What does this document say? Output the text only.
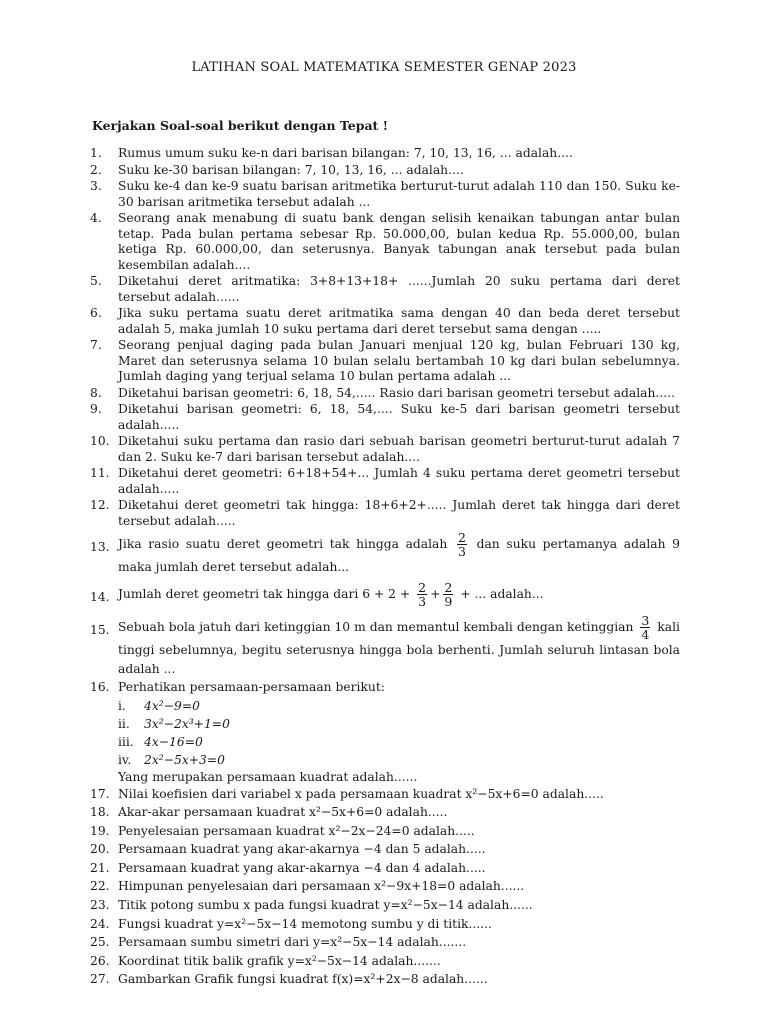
LATIHAN SOAL MATEMATIKA SEMESTER GENAP 2023
Kerjakan Soal-soal berikut dengan Tepat !
1. Rumus umum suku ke-n dari barisan bilangan: 7, 10, 13, 16, ... adalah....
2. Suku ke-30 barisan bilangan: 7, 10, 13, 16, ... adalah....
3. Suku ke-4 dan ke-9 suatu barisan aritmetika berturut-turut adalah 110 dan 150. Suku ke-30 barisan aritmetika tersebut adalah ...
4. Seorang anak menabung di suatu bank dengan selisih kenaikan tabungan antar bulan tetap. Pada bulan pertama sebesar Rp. 50.000,00, bulan kedua Rp. 55.000,00, bulan ketiga Rp. 60.000,00, dan seterusnya. Banyak tabungan anak tersebut pada bulan kesembilan adalah....
5. Diketahui deret aritmatika: 3+8+13+18+ ......Jumlah 20 suku pertama dari deret tersebut adalah......
6. Jika suku pertama suatu deret aritmatika sama dengan 40 dan beda deret tersebut adalah 5, maka jumlah 10 suku pertama dari deret tersebut sama dengan .....
7. Seorang penjual daging pada bulan Januari menjual 120 kg, bulan Februari 130 kg, Maret dan seterusnya selama 10 bulan selalu bertambah 10 kg dari bulan sebelumnya. Jumlah daging yang terjual selama 10 bulan pertama adalah ...
8. Diketahui barisan geometri: 6, 18, 54,..... Rasio dari barisan geometri tersebut adalah.....
9. Diketahui barisan geometri: 6, 18, 54,.... Suku ke-5 dari barisan geometri tersebut adalah.....
10. Diketahui suku pertama dan rasio dari sebuah barisan geometri berturut-turut adalah 7 dan 2. Suku ke-7 dari barisan tersebut adalah....
11. Diketahui deret geometri: 6+18+54+... Jumlah 4 suku pertama deret geometri tersebut adalah.....
12. Diketahui deret geometri tak hingga: 18+6+2+..... Jumlah deret tak hingga dari deret tersebut adalah.....
13. Jika rasio suatu deret geometri tak hingga adalah $\frac{2}{3}$ dan suku pertamanya adalah 9 maka jumlah deret tersebut adalah...
14. Jumlah deret geometri tak hingga dari $6 + 2 + \frac{2}{3} + \frac{2}{9}$ + ... adalah...
15. Sebuah bola jatuh dari ketinggian 10 m dan memantul kembali dengan ketinggian $\frac{3}{4}$ kali tinggi sebelumnya, begitu seterusnya hingga bola berhenti. Jumlah seluruh lintasan bola adalah ...
16. Perhatikan persamaan-persamaan berikut:
i. 4x²−9=0
ii. 3x²−2x³+1=0
iii. 4x−16=0
iv. 2x²−5x+3=0
Yang merupakan persamaan kuadrat adalah......
17. Nilai koefisien dari variabel x pada persamaan kuadrat x²−5x+6=0 adalah.....
18. Akar-akar persamaan kuadrat x²−5x+6=0 adalah.....
19. Penyelesaian persamaan kuadrat x²−2x−24=0 adalah.....
20. Persamaan kuadrat yang akar-akarnya −4 dan 5 adalah.....
21. Persamaan kuadrat yang akar-akarnya −4 dan 4 adalah.....
22. Himpunan penyelesaian dari persamaan x²−9x+18=0 adalah......
23. Titik potong sumbu x pada fungsi kuadrat y=x²−5x−14 adalah......
24. Fungsi kuadrat y=x²−5x−14 memotong sumbu y di titik......
25. Persamaan sumbu simetri dari y=x²−5x−14 adalah.......
26. Koordinat titik balik grafik y=x²−5x−14 adalah.......
27. Gambarkan Grafik fungsi kuadrat f(x)=x²+2x−8 adalah......
